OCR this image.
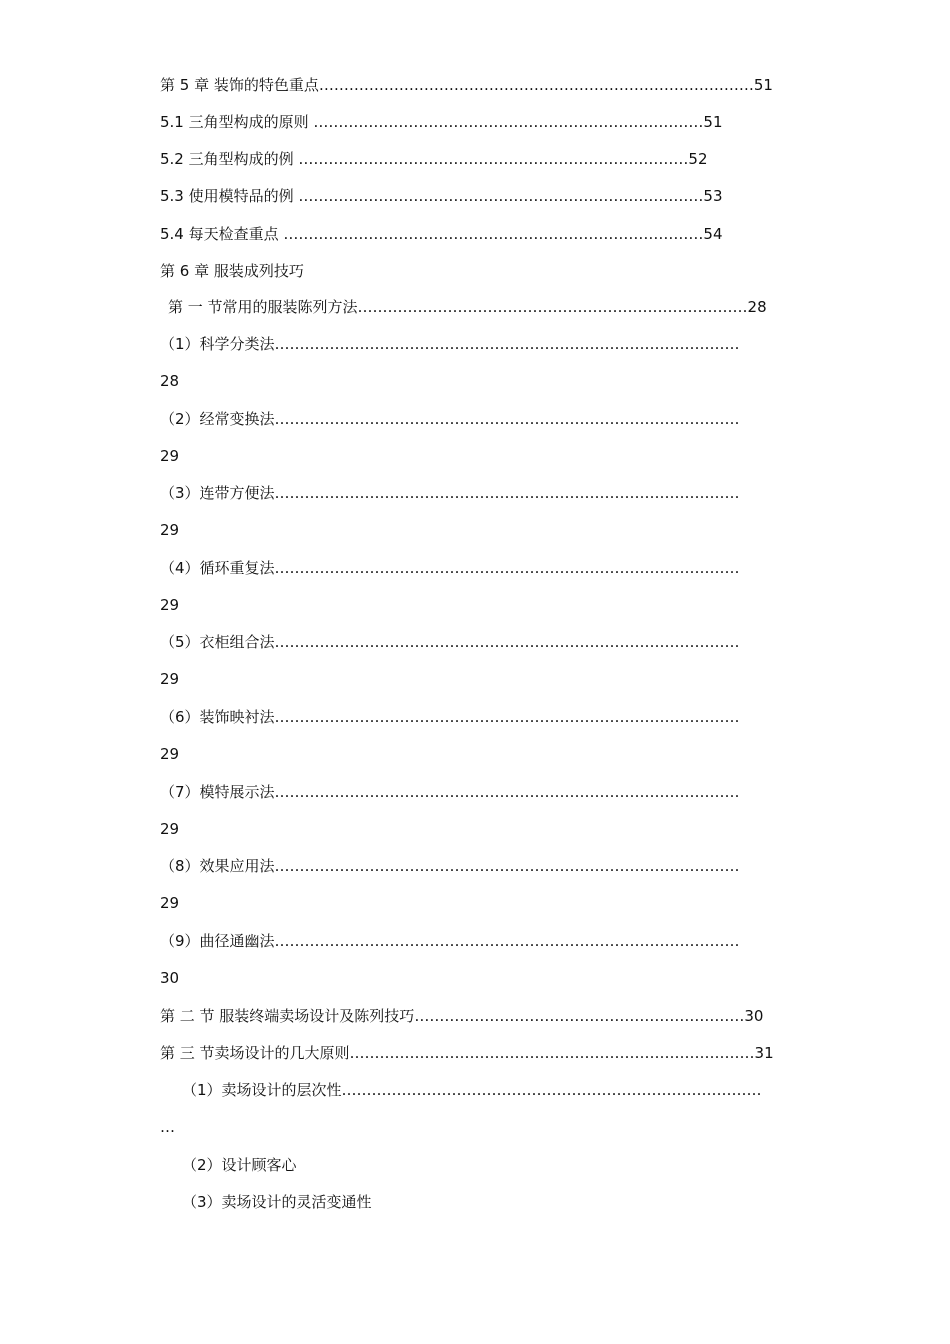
第 5 章 装饰的特色重点……………………………………………………………………………51
5.1 三角型构成的原则 ……………………………………………………………………51
5.2 三角型构成的例 ……………………………………………………………………52
5.3 使用模特品的例 ………………………………………………………………………53
5.4 每天检查重点 …………………………………………………………………………54
第 6 章 服装成列技巧
第 一 节常用的服装陈列方法……………………………………………………………………28
（1）科学分类法…………………………………………………………………………………
28
（2）经常变换法…………………………………………………………………………………
29
（3）连带方便法…………………………………………………………………………………
29
（4）循环重复法…………………………………………………………………………………
29
（5）衣柜组合法…………………………………………………………………………………
29
（6）装饰映衬法…………………………………………………………………………………
29
（7）模特展示法…………………………………………………………………………………
29
（8）效果应用法…………………………………………………………………………………
29
（9）曲径通幽法…………………………………………………………………………………
30
第 二 节 服装终端卖场设计及陈列技巧…………………………………………………………30
第 三 节卖场设计的几大原则………………………………………………………………………31
（1）卖场设计的层次性…………………………………………………………………………
…
（2）设计顾客心
（3）卖场设计的灵活变通性
